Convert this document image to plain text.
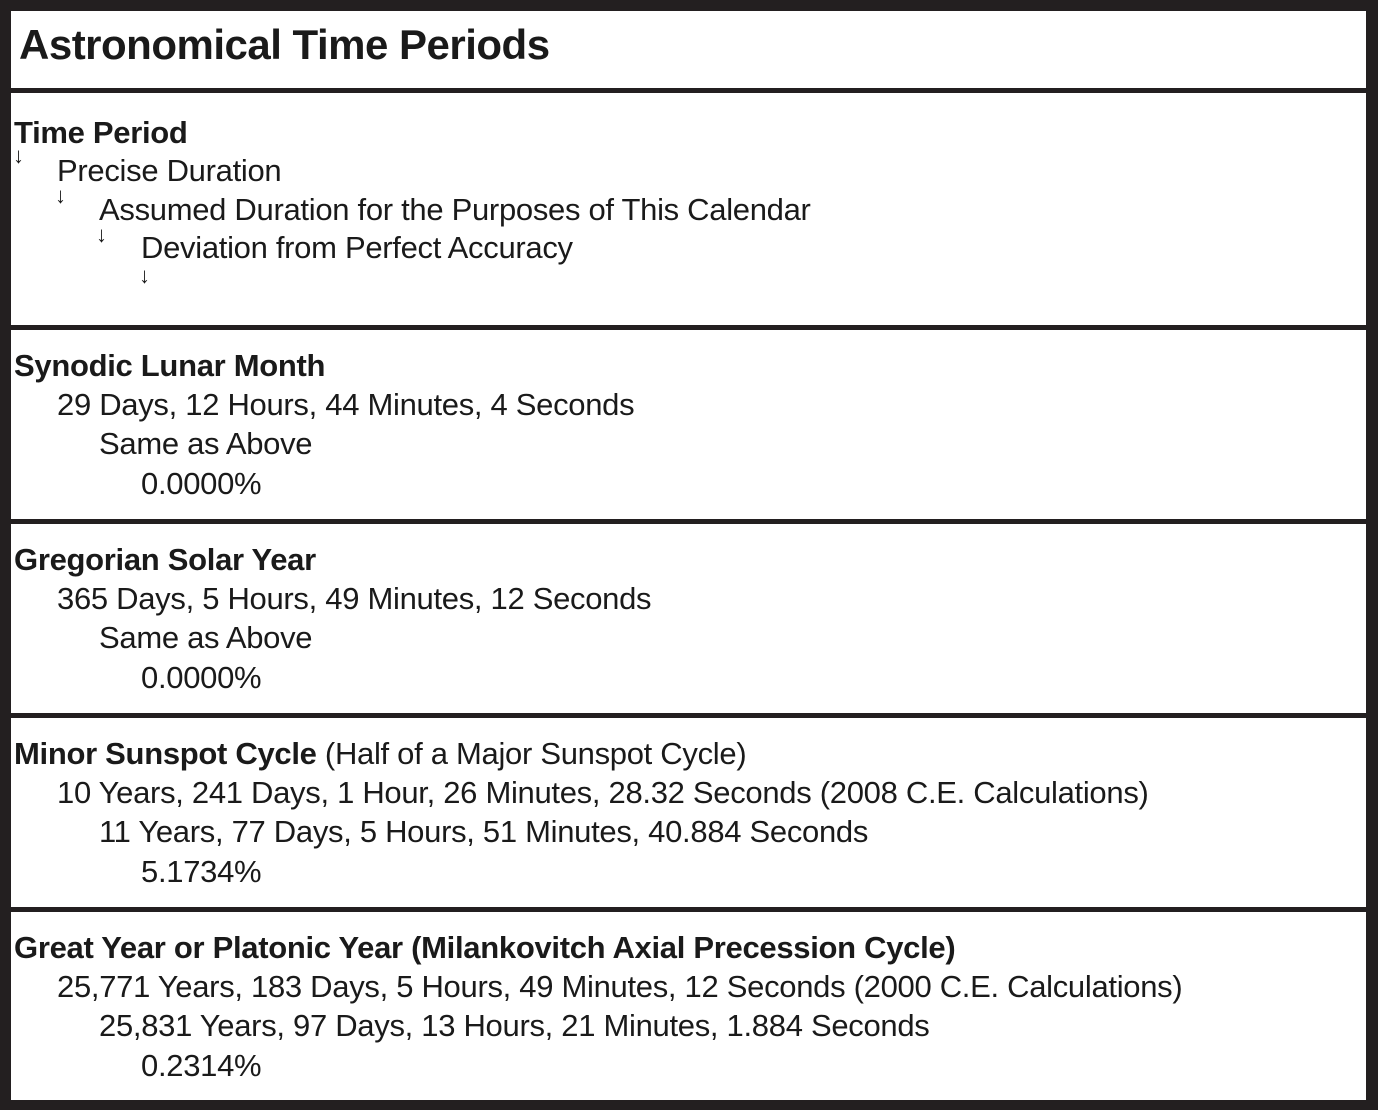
Astronomical Time Periods
Time Period
↓ Precise Duration
↓ Assumed Duration for the Purposes of This Calendar
↓ Deviation from Perfect Accuracy
↓
Synodic Lunar Month
29 Days, 12 Hours, 44 Minutes, 4 Seconds
Same as Above
0.0000%
Gregorian Solar Year
365 Days, 5 Hours, 49 Minutes, 12 Seconds
Same as Above
0.0000%
Minor Sunspot Cycle (Half of a Major Sunspot Cycle)
10 Years, 241 Days, 1 Hour, 26 Minutes, 28.32 Seconds (2008 C.E. Calculations)
11 Years, 77 Days, 5 Hours, 51 Minutes, 40.884 Seconds
5.1734%
Great Year or Platonic Year (Milankovitch Axial Precession Cycle)
25,771 Years, 183 Days, 5 Hours, 49 Minutes, 12 Seconds (2000 C.E. Calculations)
25,831 Years, 97 Days, 13 Hours, 21 Minutes, 1.884 Seconds
0.2314%
